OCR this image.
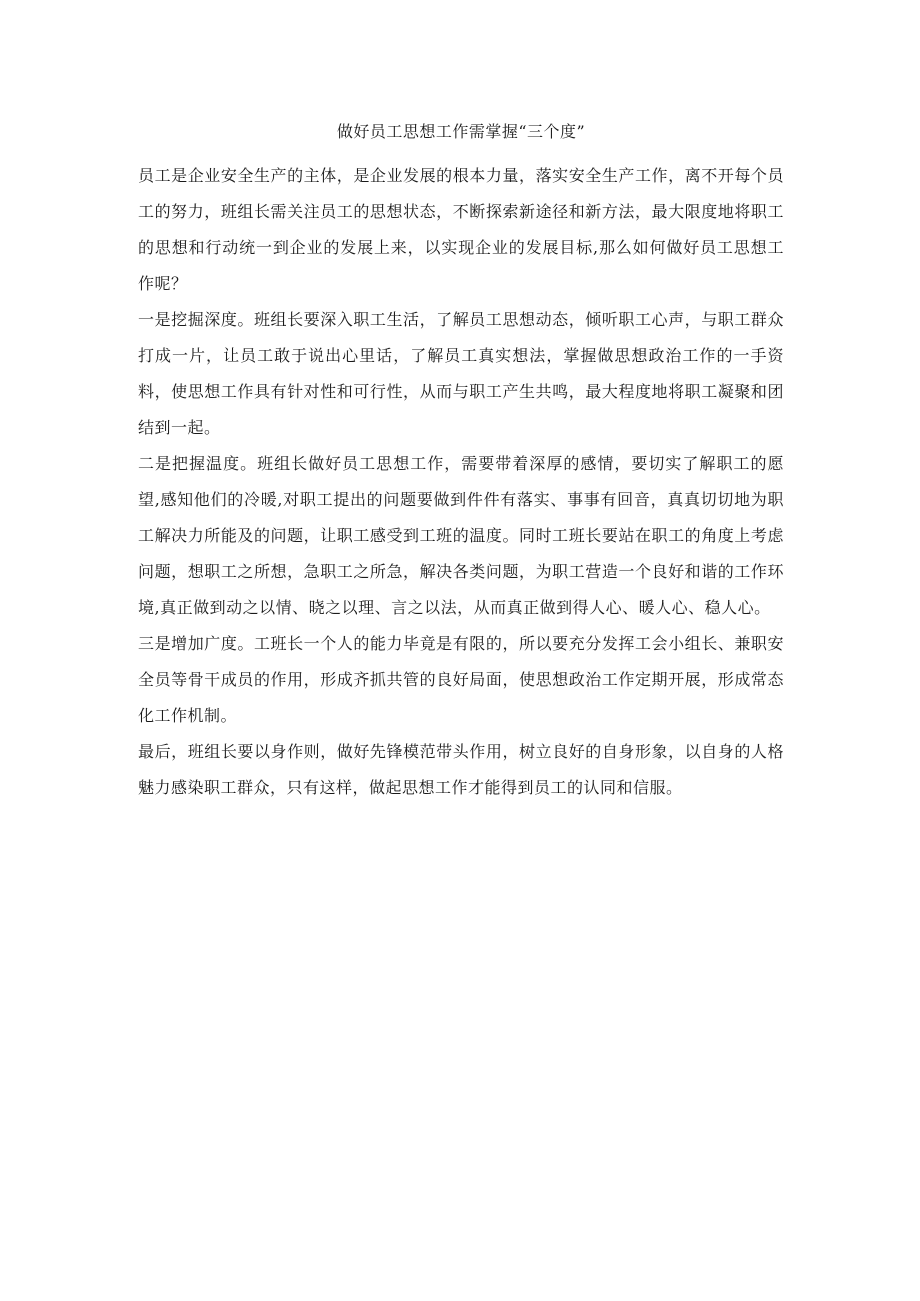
做好员工思想工作需掌握“三个度”

员工是企业安全生产的主体，是企业发展的根本力量，落实安全生产工作，离不开每个员工的努力，班组长需关注员工的思想状态，不断探索新途径和新方法，最大限度地将职工的思想和行动统一到企业的发展上来，以实现企业的发展目标,那么如何做好员工思想工作呢？

一是挖掘深度。班组长要深入职工生活，了解员工思想动态，倾听职工心声，与职工群众打成一片，让员工敢于说出心里话，了解员工真实想法，掌握做思想政治工作的一手资料，使思想工作具有针对性和可行性，从而与职工产生共鸣，最大程度地将职工凝聚和团结到一起。

二是把握温度。班组长做好员工思想工作，需要带着深厚的感情，要切实了解职工的愿望,感知他们的冷暖,对职工提出的问题要做到件件有落实、事事有回音，真真切切地为职工解决力所能及的问题，让职工感受到工班的温度。同时工班长要站在职工的角度上考虑问题，想职工之所想，急职工之所急，解决各类问题，为职工营造一个良好和谐的工作环境,真正做到动之以情、晓之以理、言之以法，从而真正做到得人心、暖人心、稳人心。

三是增加广度。工班长一个人的能力毕竟是有限的，所以要充分发挥工会小组长、兼职安全员等骨干成员的作用，形成齐抓共管的良好局面，使思想政治工作定期开展，形成常态化工作机制。

最后，班组长要以身作则，做好先锋模范带头作用，树立良好的自身形象，以自身的人格魅力感染职工群众，只有这样，做起思想工作才能得到员工的认同和信服。
